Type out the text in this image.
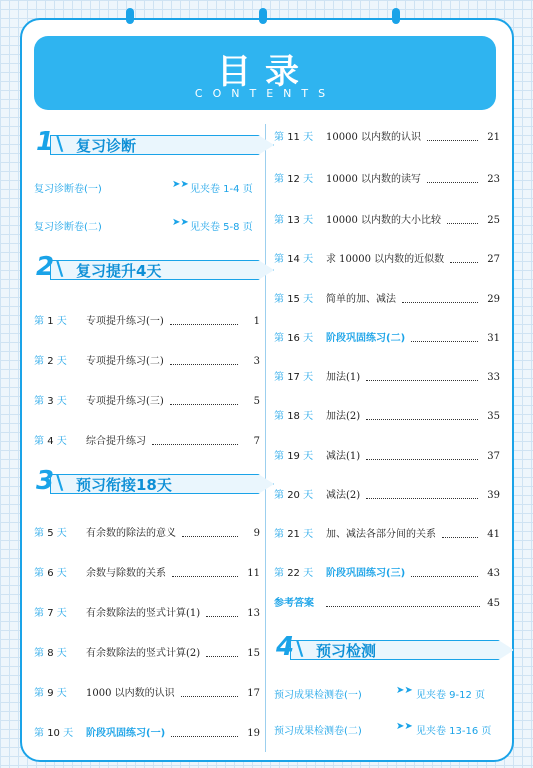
目录
CONTENTS
1 \ 复习诊断
复习诊断卷(一)	➤➤ 见夹卷 1-4 页
复习诊断卷(二)	➤➤ 见夹卷 5-8 页
2 \ 复习提升4天
3 \ 预习衔接18天
4 \ 预习检测
预习成果检测卷(一)	➤➤ 见夹卷 9-12 页
预习成果检测卷(二)	➤➤ 见夹卷 13-16 页
参考答案	45
第 1 天 专项提升练习(一)	1
第 2 天 专项提升练习(二)	3
第 3 天 专项提升练习(三)	5
第 4 天 综合提升练习	7
第 5 天 有余数的除法的意义	9
第 6 天 余数与除数的关系	11
第 7 天 有余数除法的竖式计算(1)	13
第 8 天 有余数除法的竖式计算(2)	15
第 9 天 1000 以内数的认识	17
第 10 天 阶段巩固练习(一)	19
第 11 天 10000 以内数的认识	21
第 12 天 10000 以内数的读写	23
第 13 天 10000 以内数的大小比较	25
第 14 天 求 10000 以内数的近似数	27
第 15 天 简单的加、减法	29
第 16 天 阶段巩固练习(二)	31
第 17 天 加法(1)	33
第 18 天 加法(2)	35
第 19 天 减法(1)	37
第 20 天 减法(2)	39
第 21 天 加、减法各部分间的关系	41
第 22 天 阶段巩固练习(三)	43
